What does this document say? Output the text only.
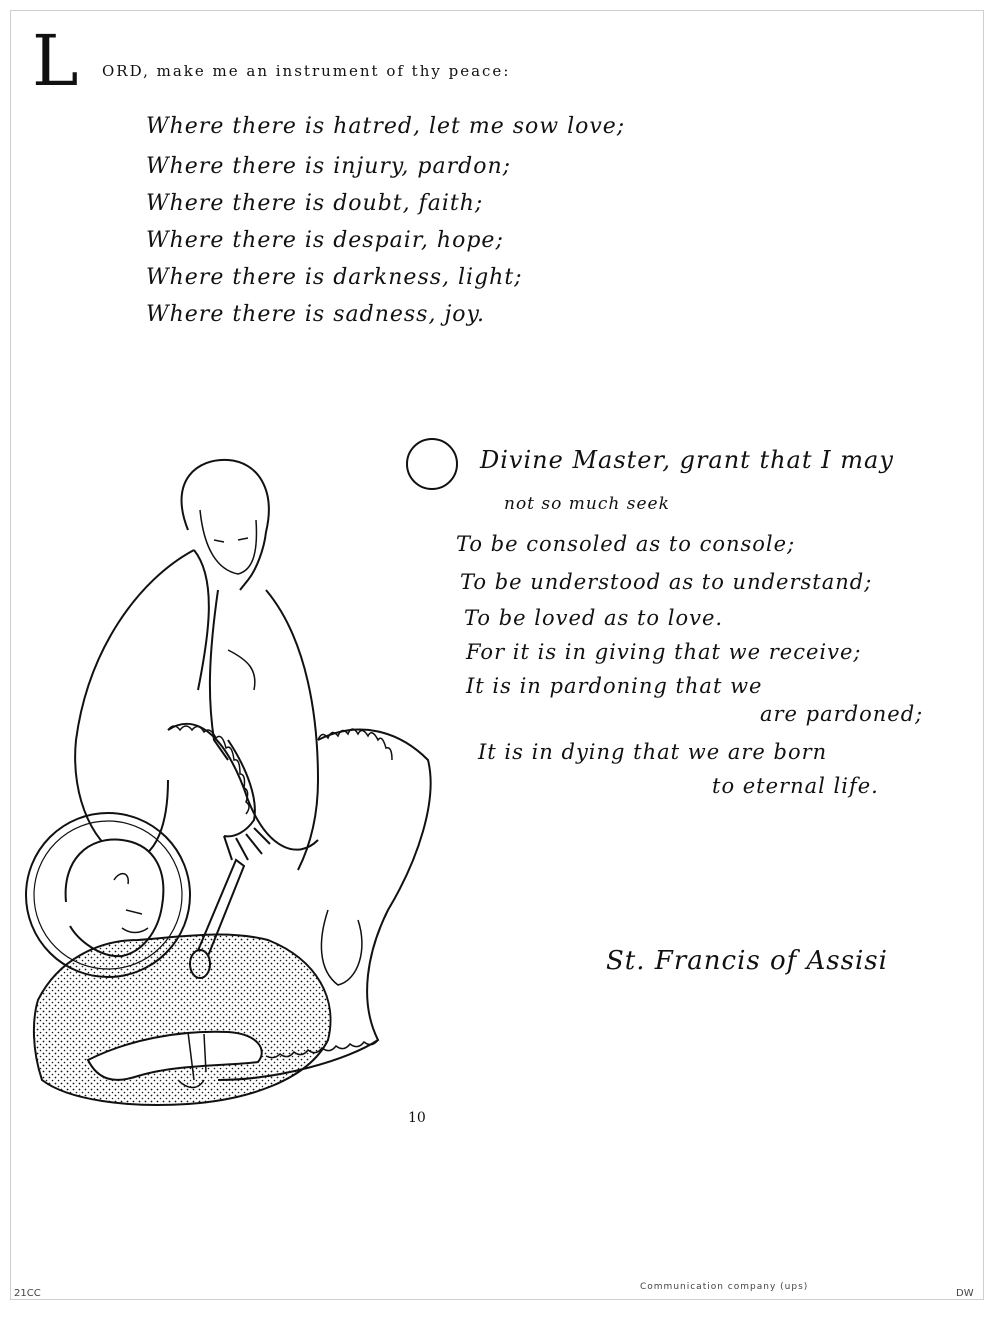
L ORD, make me an instrument of thy peace:
Where there is hatred, let me sow love;
Where there is injury, pardon;
Where there is doubt, faith;
Where there is despair, hope;
Where there is darkness, light;
Where there is sadness, joy.
Divine Master, grant that I may
not so much seek
To be consoled as to console;
To be understood as to understand;
To be loved as to love.
For it is in giving that we receive;
It is in pardoning that we
are pardoned;
It is in dying that we are born
to eternal life.
St. Francis of Assisi
10
21CC
Communication company (ups)
DW
